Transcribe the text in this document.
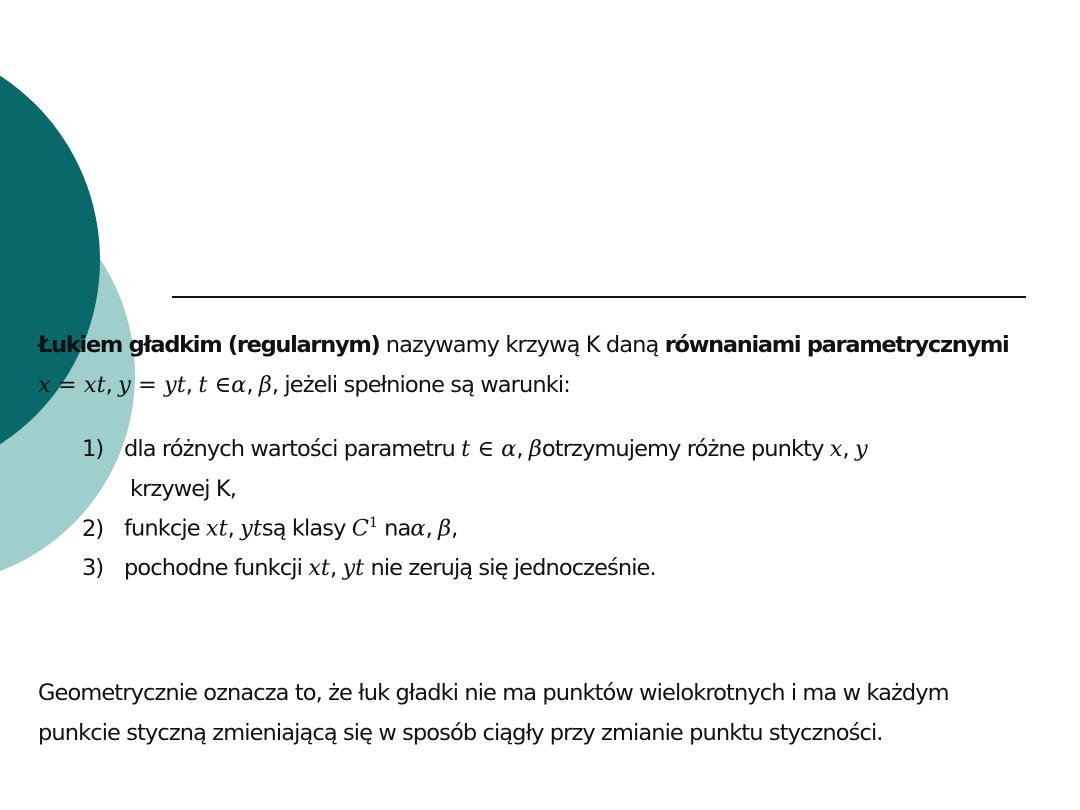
Łukiem gładkim (regularnym) nazywamy krzywą K daną równaniami parametrycznymi
x = xt, y = yt, t ∈α, β, jeżeli spełnione są warunki:
1) dla różnych wartości parametru t ∈ α, βotrzymujemy różne punkty x, y
krzywej K,
2) funkcje xt, ytsą klasy $C^1$ naα, β,
3) pochodne funkcji xt, yt nie zerują się jednocześnie.
Geometrycznie oznacza to, że łuk gładki nie ma punktów wielokrotnych i ma w każdym
punkcie styczną zmieniającą się w sposób ciągły przy zmianie punktu styczności.
